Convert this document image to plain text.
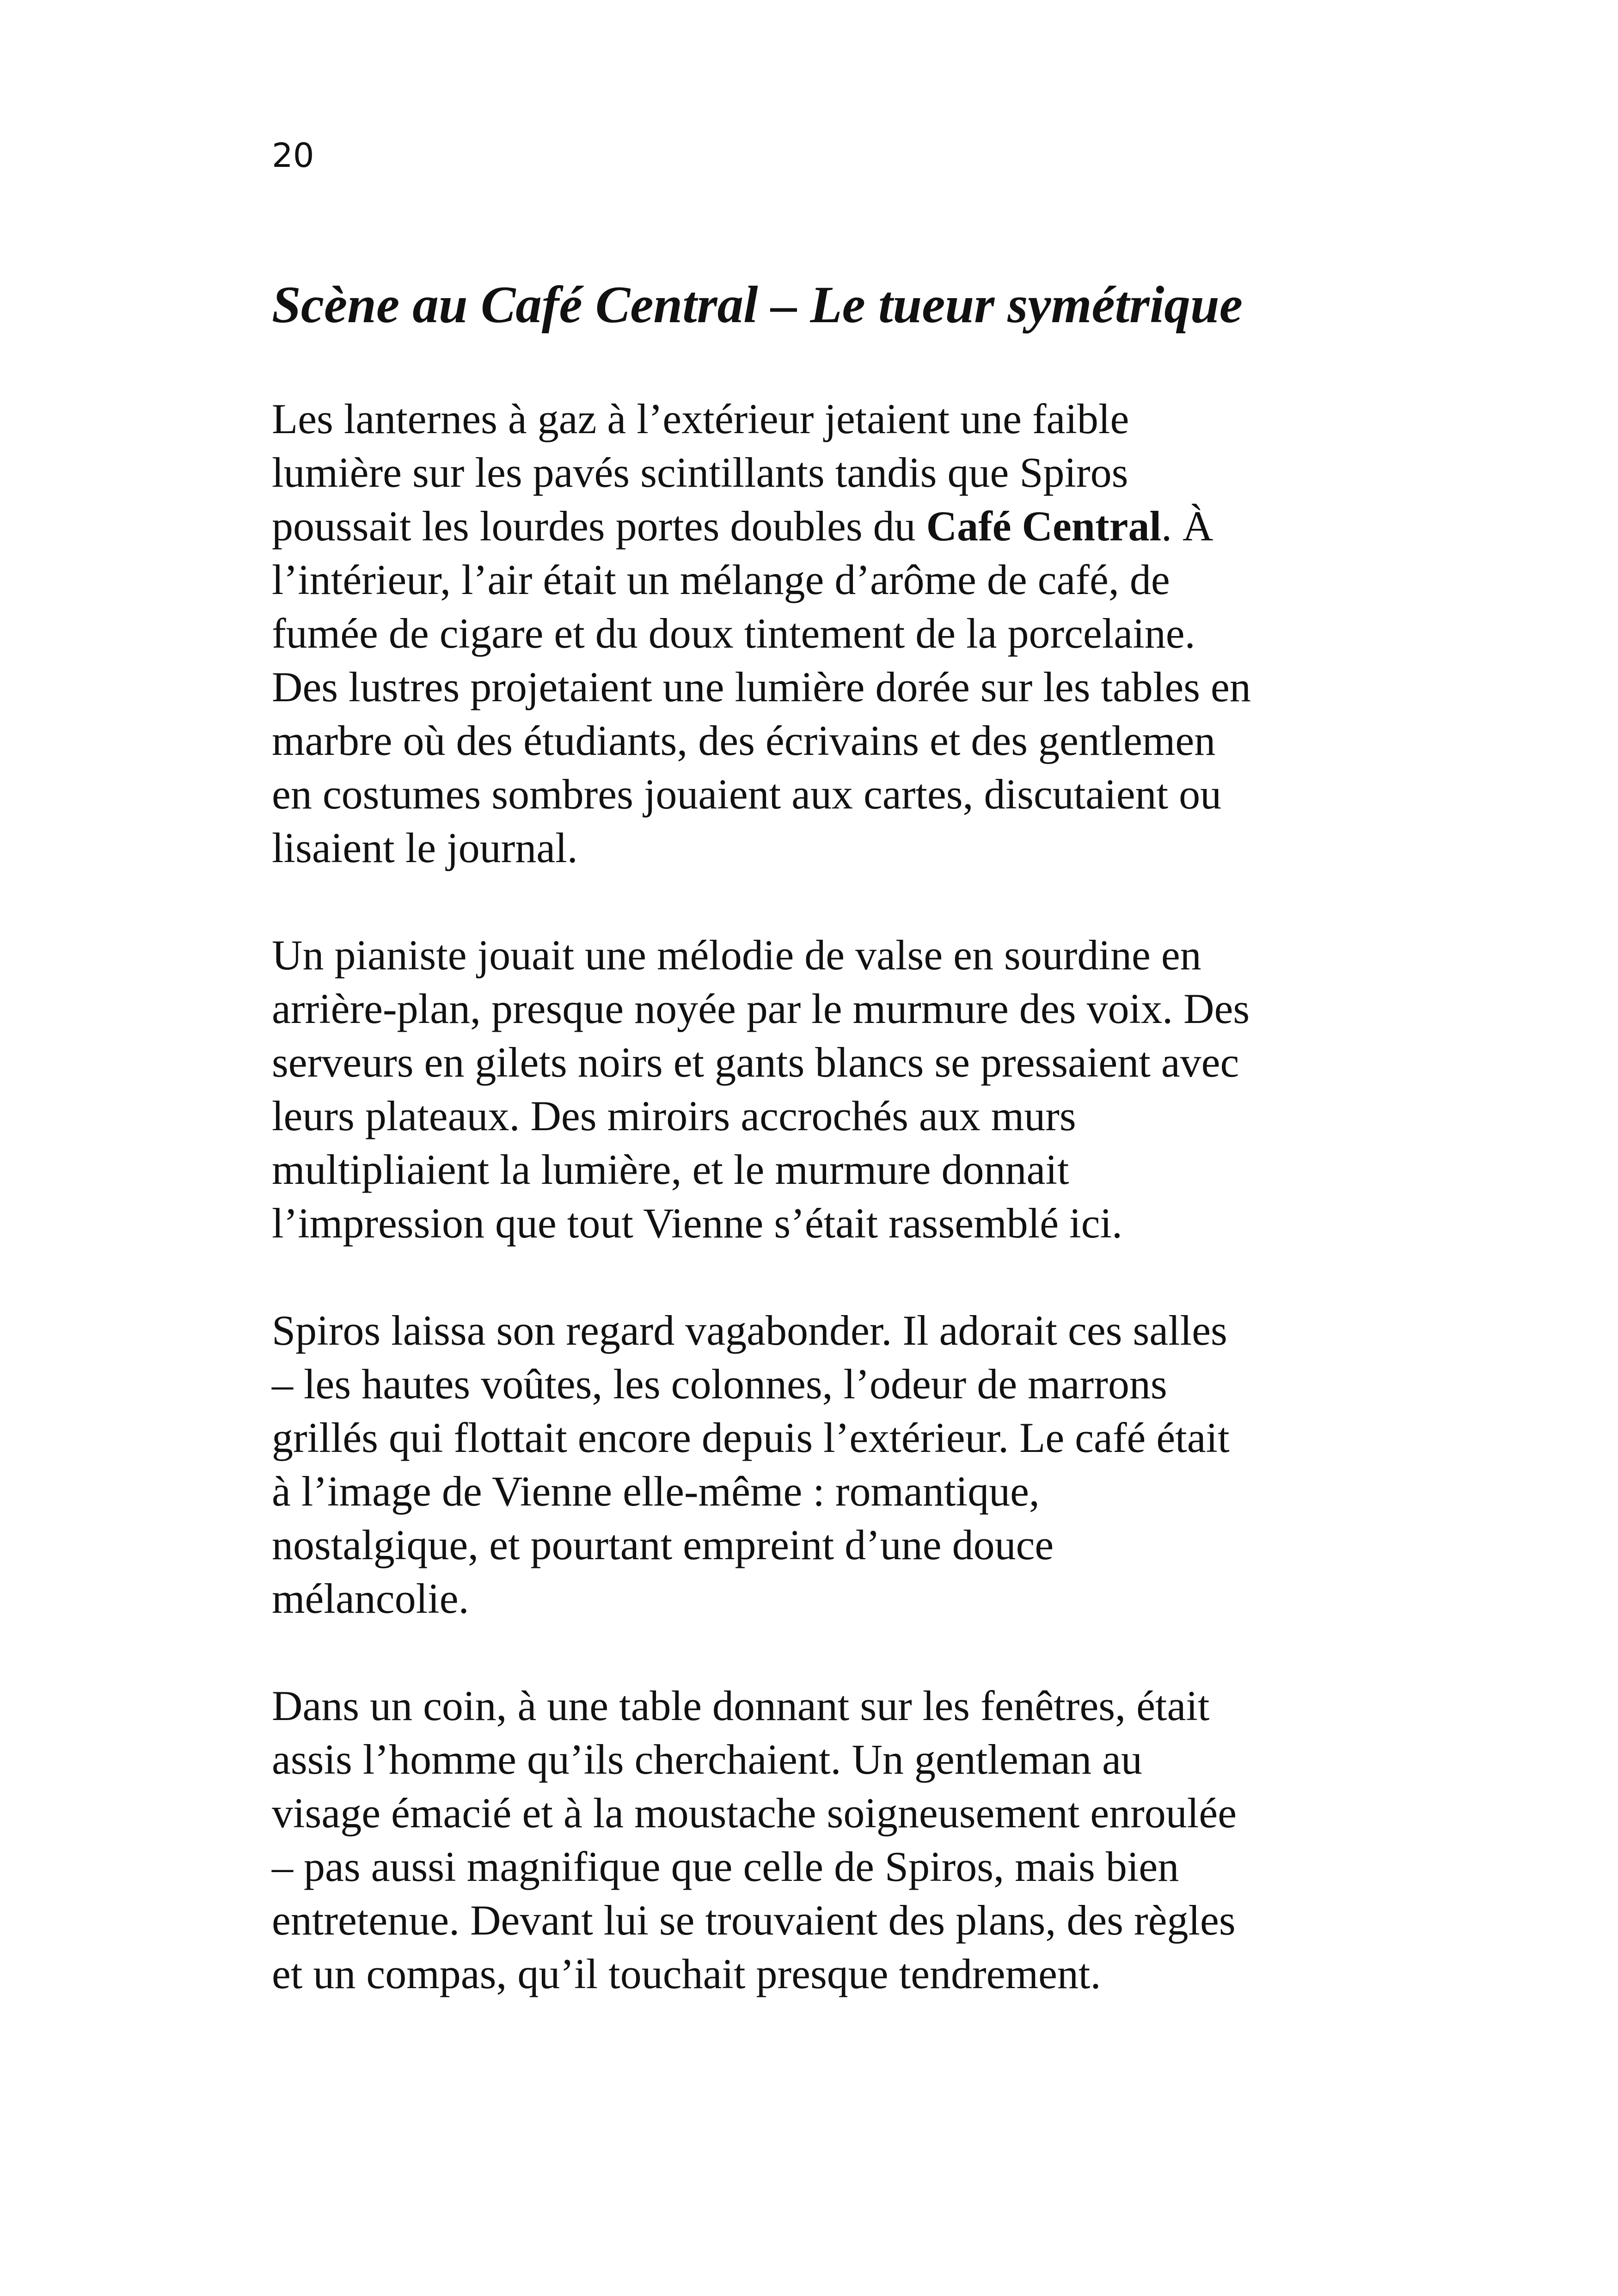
20
Scène au Café Central – Le tueur symétrique

Les lanternes à gaz à l’extérieur jetaient une faible
lumière sur les pavés scintillants tandis que Spiros
poussait les lourdes portes doubles du Café Central. À
l’intérieur, l’air était un mélange d’arôme de café, de
fumée de cigare et du doux tintement de la porcelaine.
Des lustres projetaient une lumière dorée sur les tables en
marbre où des étudiants, des écrivains et des gentlemen
en costumes sombres jouaient aux cartes, discutaient ou
lisaient le journal.

Un pianiste jouait une mélodie de valse en sourdine en
arrière-plan, presque noyée par le murmure des voix. Des
serveurs en gilets noirs et gants blancs se pressaient avec
leurs plateaux. Des miroirs accrochés aux murs
multipliaient la lumière, et le murmure donnait
l’impression que tout Vienne s’était rassemblé ici.

Spiros laissa son regard vagabonder. Il adorait ces salles
– les hautes voûtes, les colonnes, l’odeur de marrons
grillés qui flottait encore depuis l’extérieur. Le café était
à l’image de Vienne elle-même : romantique,
nostalgique, et pourtant empreint d’une douce
mélancolie.

Dans un coin, à une table donnant sur les fenêtres, était
assis l’homme qu’ils cherchaient. Un gentleman au
visage émacié et à la moustache soigneusement enroulée
– pas aussi magnifique que celle de Spiros, mais bien
entretenue. Devant lui se trouvaient des plans, des règles
et un compas, qu’il touchait presque tendrement.
